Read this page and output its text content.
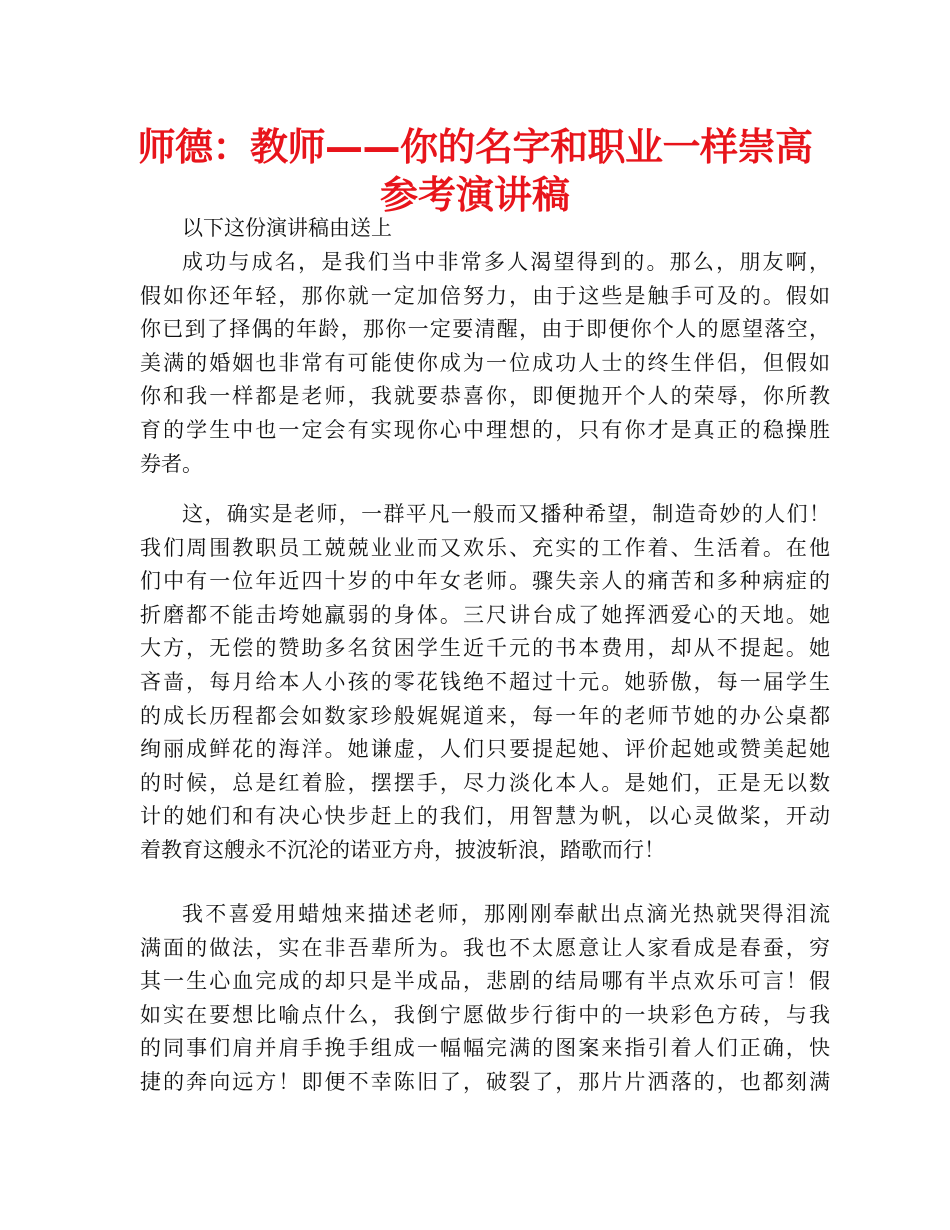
师德：教师——你的名字和职业一样崇高
参考演讲稿
以下这份演讲稿由送上
成功与成名，是我们当中非常多人渴望得到的。那么，朋友啊，
假如你还年轻，那你就一定加倍努力，由于这些是触手可及的。假如
你已到了择偶的年龄，那你一定要清醒，由于即便你个人的愿望落空，
美满的婚姻也非常有可能使你成为一位成功人士的终生伴侣，但假如
你和我一样都是老师，我就要恭喜你，即便抛开个人的荣辱，你所教
育的学生中也一定会有实现你心中理想的，只有你才是真正的稳操胜
券者。
这，确实是老师，一群平凡一般而又播种希望，制造奇妙的人们！
我们周围教职员工兢兢业业而又欢乐、充实的工作着、生活着。在他
们中有一位年近四十岁的中年女老师。骤失亲人的痛苦和多种病症的
折磨都不能击垮她羸弱的身体。三尺讲台成了她挥洒爱心的天地。她
大方，无偿的赞助多名贫困学生近千元的书本费用，却从不提起。她
吝啬，每月给本人小孩的零花钱绝不超过十元。她骄傲，每一届学生
的成长历程都会如数家珍般娓娓道来，每一年的老师节她的办公桌都
绚丽成鲜花的海洋。她谦虚，人们只要提起她、评价起她或赞美起她
的时候，总是红着脸，摆摆手，尽力淡化本人。是她们，正是无以数
计的她们和有决心快步赶上的我们，用智慧为帆，以心灵做桨，开动
着教育这艘永不沉沦的诺亚方舟，披波斩浪，踏歌而行！
我不喜爱用蜡烛来描述老师，那刚刚奉献出点滴光热就哭得泪流
满面的做法，实在非吾辈所为。我也不太愿意让人家看成是春蚕，穷
其一生心血完成的却只是半成品，悲剧的结局哪有半点欢乐可言！假
如实在要想比喻点什么，我倒宁愿做步行街中的一块彩色方砖，与我
的同事们肩并肩手挽手组成一幅幅完满的图案来指引着人们正确，快
捷的奔向远方！即便不幸陈旧了，破裂了，那片片洒落的，也都刻满
